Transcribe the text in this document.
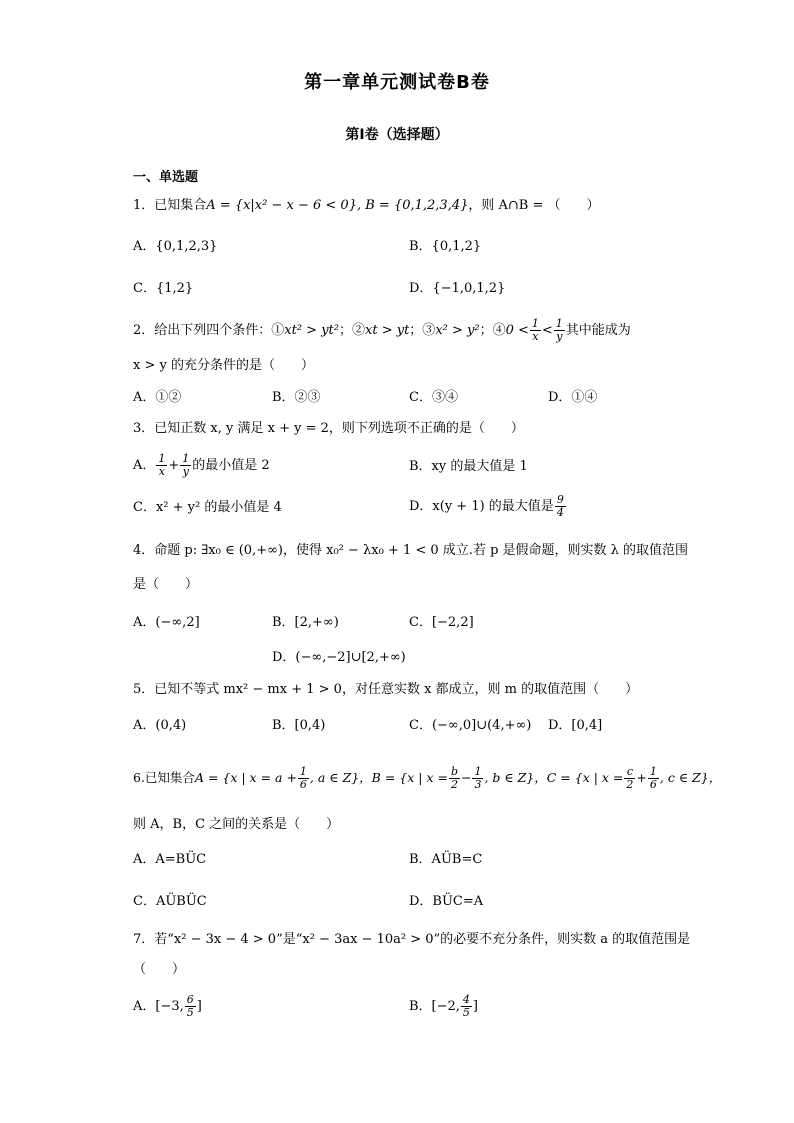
第一章单元测试卷B卷
第Ⅰ卷（选择题）
一、单选题
1．已知集合A = {x|x² − x − 6 < 0}, B = {0,1,2,3,4}，则 A∩B = （　　）
A．{0,1,2,3}	B．{0,1,2}
C．{1,2}	D．{−1,0,1,2}
2．给出下列四个条件：①xt² > yt²；②xt > yt；③x² > y²；④0 < $\frac{1}{x} < \frac{1}{y}$ 其中能成为
x > y 的充分条件的是（　　）
A．①②	B．②③	C．③④	D．①④
3．已知正数 x, y 满足 x + y = 2，则下列选项不正确的是（　　）
A． $\frac{1}{x} + \frac{1}{y}$ 的最小值是 2	B．xy 的最大值是 1
C．x² + y² 的最小值是 4	D．x(y + 1) 的最大值是 $\frac{9}{4}$
4．命题 p: ∃x₀ ∈ (0,+∞)，使得 x₀² − λx₀ + 1 < 0 成立.若 p 是假命题，则实数 λ 的取值范围
是（　　）
A．(−∞,2]	B．[2,+∞)	C．[−2,2]
D．(−∞,−2]∪[2,+∞)
5．已知不等式 mx² − mx + 1 > 0，对任意实数 x 都成立，则 m 的取值范围（　　）
A．(0,4)	B．[0,4)	C．(−∞,0]∪(4,+∞) D．[0,4]
6.已知集合A = {x | $x = a + \frac{1}{6}$ , a ∈ Z}，B = {x | $x = \frac{b}{2} - \frac{1}{3}$ , b ∈ Z}，C = {x | $x = \frac{c}{2} + \frac{1}{6}$ , c ∈ Z}，
则 A，B，C 之间的关系是（　　）
A．A=BÜC	B．AÜB=C
C．AÜBÜC	D．BÜC=A
7．若“x² − 3x − 4 > 0”是“x² − 3ax − 10a² > 0”的必要不充分条件，则实数 a 的取值范围是
（　　）
A．[−3, $\frac{6}{5}$ ]	B．[−2, $\frac{4}{5}$ ]
